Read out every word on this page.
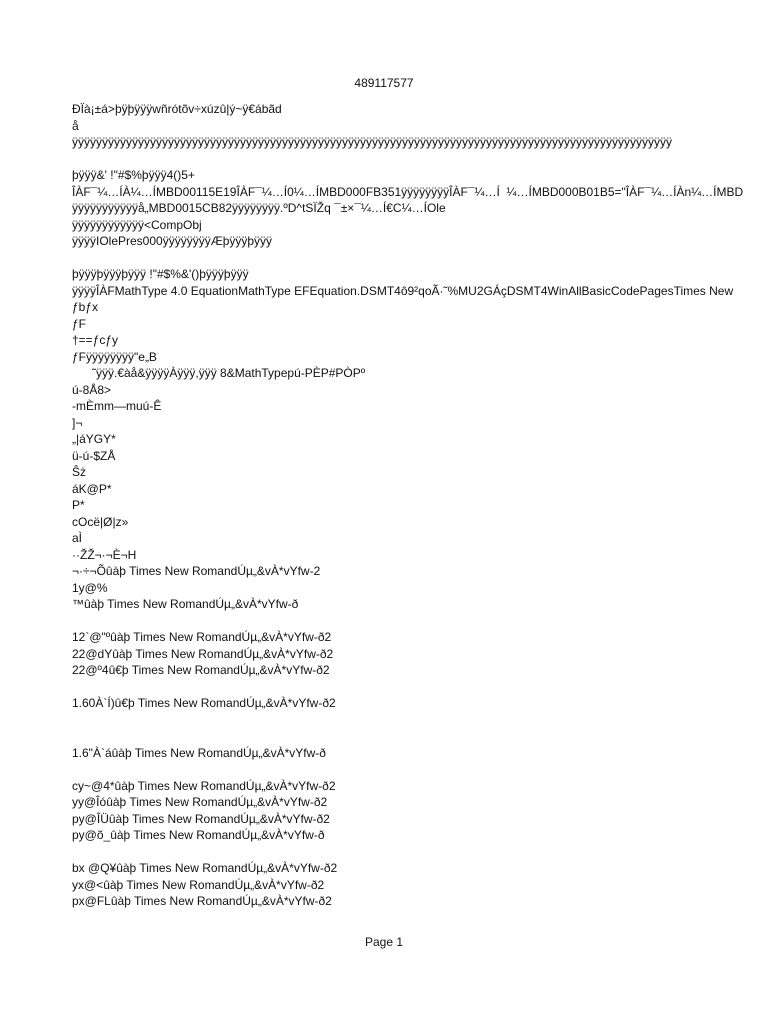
489117577
ÐÏà¡±á>þÿþÿÿÿwñrótõv÷xúzû|ý~ÿ€ábãd
å
ÿÿÿÿÿÿÿÿÿÿÿÿÿÿÿÿÿÿÿÿÿÿÿÿÿÿÿÿÿÿÿÿÿÿÿÿÿÿÿÿÿÿÿÿÿÿÿÿÿÿÿÿÿÿÿÿÿÿÿÿÿÿÿÿÿÿÿÿÿÿÿÿÿÿÿÿÿÿÿÿÿÿÿÿÿÿÿÿÿÿÿÿÿÿÿÿÿÿÿÿ

þÿÿÿ&' !"#$%þÿÿÿ4()5+
ÎÀF¯¼…ÍÀ¼…ÍMBD00115E19ÎÀF¯¼…Í0¼…ÍMBD000FB351ÿÿÿÿÿÿÿÿÎÀF¯¼…Í  ¼…ÍMBD000B01B5="ÎÀF¯¼…ÍÀn¼…ÍMBD
ÿÿÿÿÿÿÿÿÿÿÿå„MBD0015CB82ÿÿÿÿÿÿÿÿ.ºD^tSÏŽq ¯±×¯¼…Í€C¼…ÍOle
ÿÿÿÿÿÿÿÿÿÿÿÿ<CompObj
ÿÿÿÿIOlePres000ÿÿÿÿÿÿÿÿÆþÿÿÿþÿÿÿ

þÿÿÿþÿÿÿþÿÿÿ !"#$%&'()þÿÿÿþÿÿÿ
ÿÿÿÿÎÀFMathType 4.0 EquationMathType EFEquation.DSMT4ô9²qoÃ·˜%MU2GÁçDSMT4WinAllBasicCodePagesTimes New
ƒbƒx
ƒF
†==ƒcƒy
ƒFÿÿÿÿÿÿÿÿ"e„B
˜ÿÿÿ.€àå&ÿÿÿÿÀÿÿÿ,ÿÿÿ 8&MathTypepú-PÈP#PÒPº
ú-8Å8>
-mÈmm—muú-Ê
]¬
„|áYGY*
ü-ú-$ZÅ
Ŝż
áK@P*
P*
cOcë|Ø|z»
aÌ
··ŽŽ¬·¬È¬H
¬·÷¬Õûàþ Times New RomandÚµ„&vÀ*vYfw-2
1y@%
™ûàþ Times New RomandÚµ„&vÀ*vYfw-ð

12`@"ºûàþ Times New RomandÚµ„&vÀ*vYfw-ð2
22@dYûàþ Times New RomandÚµ„&vÀ*vYfw-ð2
22@º4û€þ Times New RomandÚµ„&vÀ*vYfw-ð2

1.60À`Í)û€þ Times New RomandÚµ„&vÀ*vYfw-ð2

1.6"À`áûàþ Times New RomandÚµ„&vÀ*vYfw-ð

cy~@4*ûàþ Times New RomandÚµ„&vÀ*vYfw-ð2
yy@Îóûàþ Times New RomandÚµ„&vÀ*vYfw-ð2
py@ÎÜûàþ Times New RomandÚµ„&vÀ*vYfw-ð2
py@õ_ûàþ Times New RomandÚµ„&vÀ*vYfw-ð

bx @Q¥ûàþ Times New RomandÚµ„&vÀ*vYfw-ð2
yx@<ûàþ Times New RomandÚµ„&vÀ*vYfw-ð2
px@FLûàþ Times New RomandÚµ„&vÀ*vYfw-ð2
Page 1
